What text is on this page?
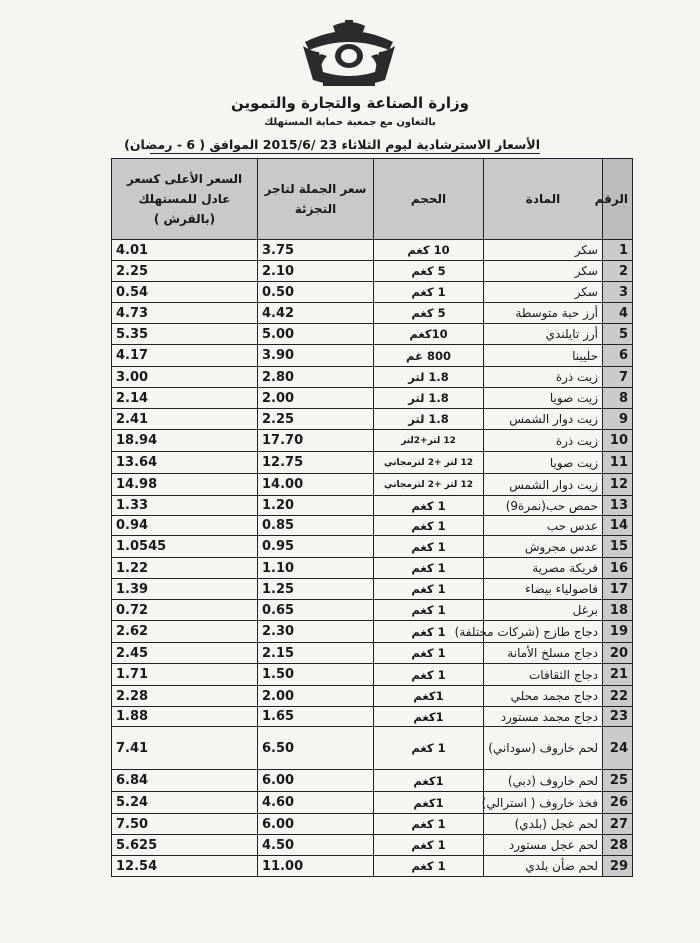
وزارة الصناعة والتجارة والتموين
بالتعاون مع جمعية حماية المستهلك
الأسعار الاسترشادية ليوم الثلاثاء 23 /2015/6 الموافق ( 6 - رمضان)
الرقم	المادة	الحجم	سعر الجملة لتاجر التجزئة	السعر الأعلى كسعر عادل للمستهلك (بالقرش )
1	سكر	10 كغم	3.75	4.01
2	سكر	5 كغم	2.10	2.25
3	سكر	1 كغم	0.50	0.54
4	أرز حبة متوسطة	5 كغم	4.42	4.73
5	أرز تايلندي	10كغم	5.00	5.35
6	حليبنا	800 غم	3.90	4.17
7	زيت ذرة	1.8 لتر	2.80	3.00
8	زيت صويا	1.8 لتر	2.00	2.14
9	زيت دوار الشمس	1.8 لتر	2.25	2.41
10	زيت ذرة	12 لتر+2لتر	17.70	18.94
11	زيت صويا	12 لتر +2 لترمجاني	12.75	13.64
12	زيت دوار الشمس	12 لتر +2 لترمجاني	14.00	14.98
13	حمص حب(نمرة9)	1 كغم	1.20	1.33
14	عدس حب	1 كغم	0.85	0.94
15	عدس مجروش	1 كغم	0.95	1.0545
16	فريكة مصرية	1 كغم	1.10	1.22
17	فاصولياء بيضاء	1 كغم	1.25	1.39
18	برغل	1 كغم	0.65	0.72
19	دجاج طازج (شركات مختلفة)	1 كغم	2.30	2.62
20	دجاج مسلخ الأمانة	1 كغم	2.15	2.45
21	دجاج الثقافات	1 كغم	1.50	1.71
22	دجاج مجمد محلي	1كغم	2.00	2.28
23	دجاج مجمد مستورد	1كغم	1.65	1.88
24	لحم خاروف (سوداني)	1 كغم	6.50	7.41
25	لحم خاروف (دبي)	1كغم	6.00	6.84
26	فخذ خاروف ( استرالي)	1كغم	4.60	5.24
27	لحم عجل (بلدي)	1 كغم	6.00	7.50
28	لحم عجل مستورد	1 كغم	4.50	5.625
29	لحم ضأن بلدي	1 كغم	11.00	12.54
